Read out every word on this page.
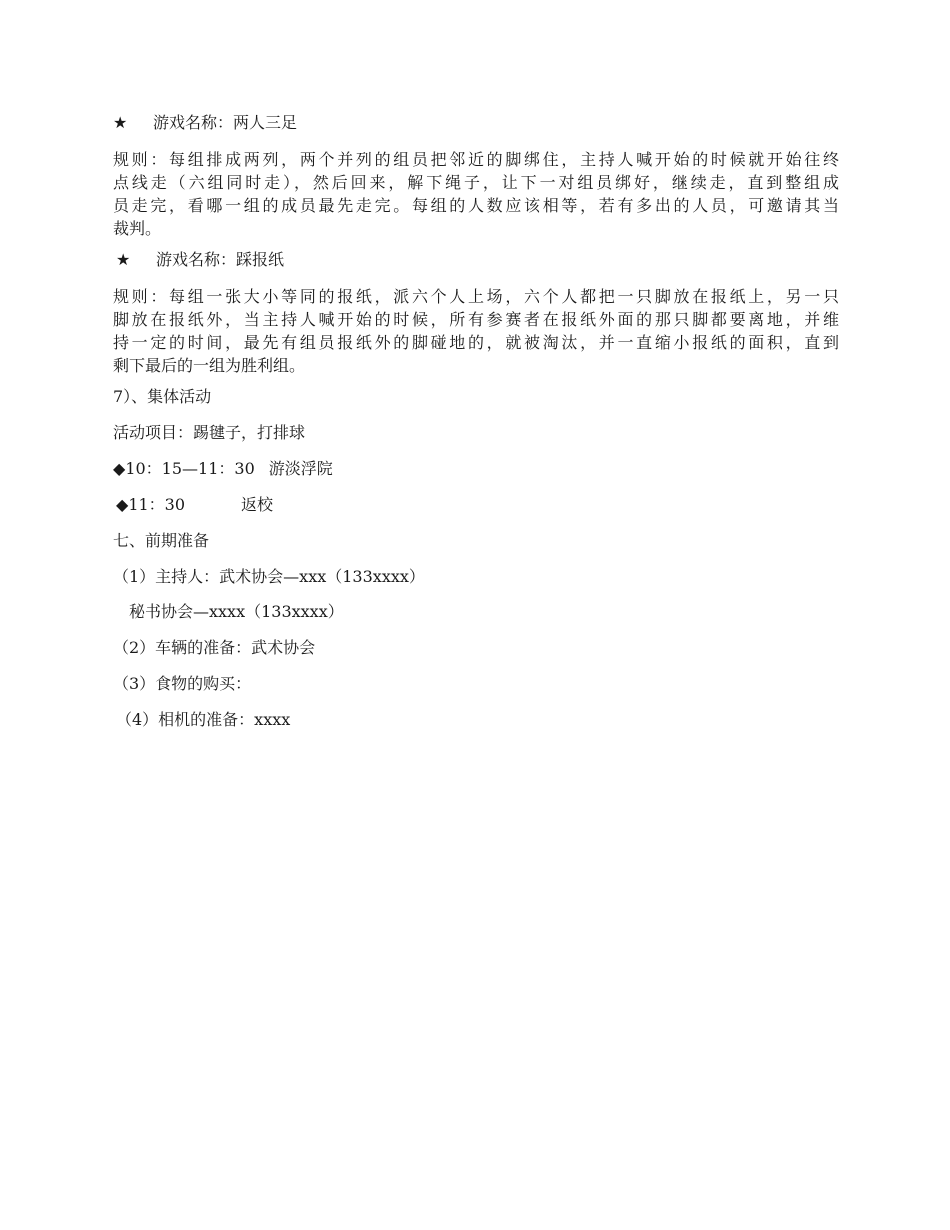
★ 游戏名称：两人三足
规则：每组排成两列，两个并列的组员把邻近的脚绑住，主持人喊开始的时候就开始往终
点线走（六组同时走），然后回来，解下绳子，让下一对组员绑好，继续走，直到整组成
员走完，看哪一组的成员最先走完。每组的人数应该相等，若有多出的人员，可邀请其当
裁判。
★ 游戏名称：踩报纸
规则：每组一张大小等同的报纸，派六个人上场，六个人都把一只脚放在报纸上，另一只
脚放在报纸外，当主持人喊开始的时候，所有参赛者在报纸外面的那只脚都要离地，并维
持一定的时间，最先有组员报纸外的脚碰地的，就被淘汰，并一直缩小报纸的面积，直到
剩下最后的一组为胜利组。
7）、集体活动
活动项目：踢毽子，打排球
◆10：15—11：30 游淡浮院
◆11：30	返校
七、前期准备
（1）主持人：武术协会—xxx（133xxxx）
秘书协会—xxxx（133xxxx）
（2）车辆的准备：武术协会
（3）食物的购买：
（4）相机的准备：xxxx
